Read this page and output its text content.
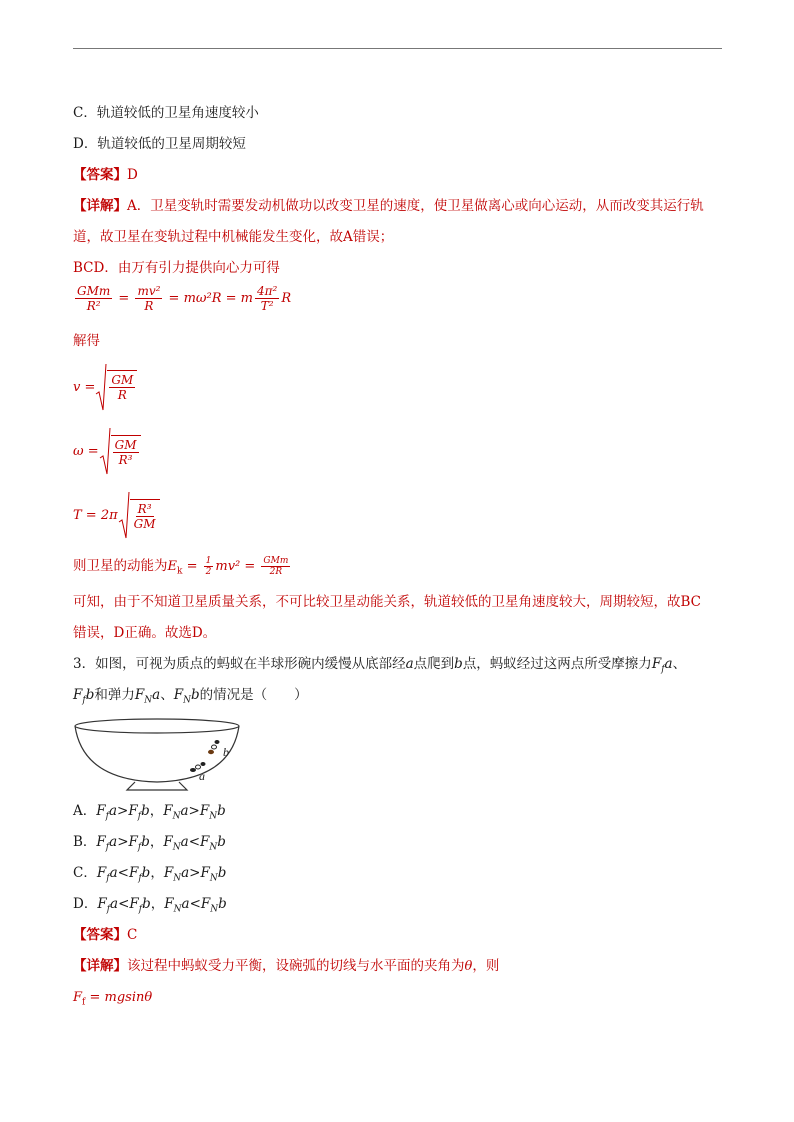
C．轨道较低的卫星角速度较小
D．轨道较低的卫星周期较短
【答案】D
【详解】A．卫星变轨时需要发动机做功以改变卫星的速度，使卫星做离心或向心运动，从而改变其运行轨
道，故卫星在变轨过程中机械能发生变化，故A错误；
BCD．由万有引力提供向心力可得
$\frac{\text{GMm}}{\text{R²}} = \frac{\text{mv²}}{R} = m\omega^2R = m \frac{\text{4π²}}{\text{T²}}$ R
解得
$v = \frac{GM}{R}$
$\omega = \frac{GM}{\text{R³}}$
$T = 2\pi \frac{\text{R³}}{GM}$
则卫星的动能为$E_k = \frac{1}{2} mv^2 = \frac{\text{GMm}}{2R}$
可知，由于不知道卫星质量关系，不可比较卫星动能关系，轨道较低的卫星角速度较大，周期较短，故BC
错误，D正确。故选D。
3．如图，可视为质点的蚂蚁在半球形碗内缓慢从底部经a点爬到b点，蚂蚁经过这两点所受摩擦力$F_fa$、
$F_fb$和弹力$F_Na$、$F_Nb$的情况是（　　）
a
b
A．$F_fa>F_fb$，$F_Na>F_Nb$
B．$F_fa>F_fb$，$F_Na<F_Nb$
C．$F_fa<F_fb$，$F_Na>F_Nb$
D．$F_fa<F_fb$，$F_Na<F_Nb$
【答案】C
【详解】该过程中蚂蚁受力平衡，设碗弧的切线与水平面的夹角为θ，则
$F_f = mgsin\theta$
